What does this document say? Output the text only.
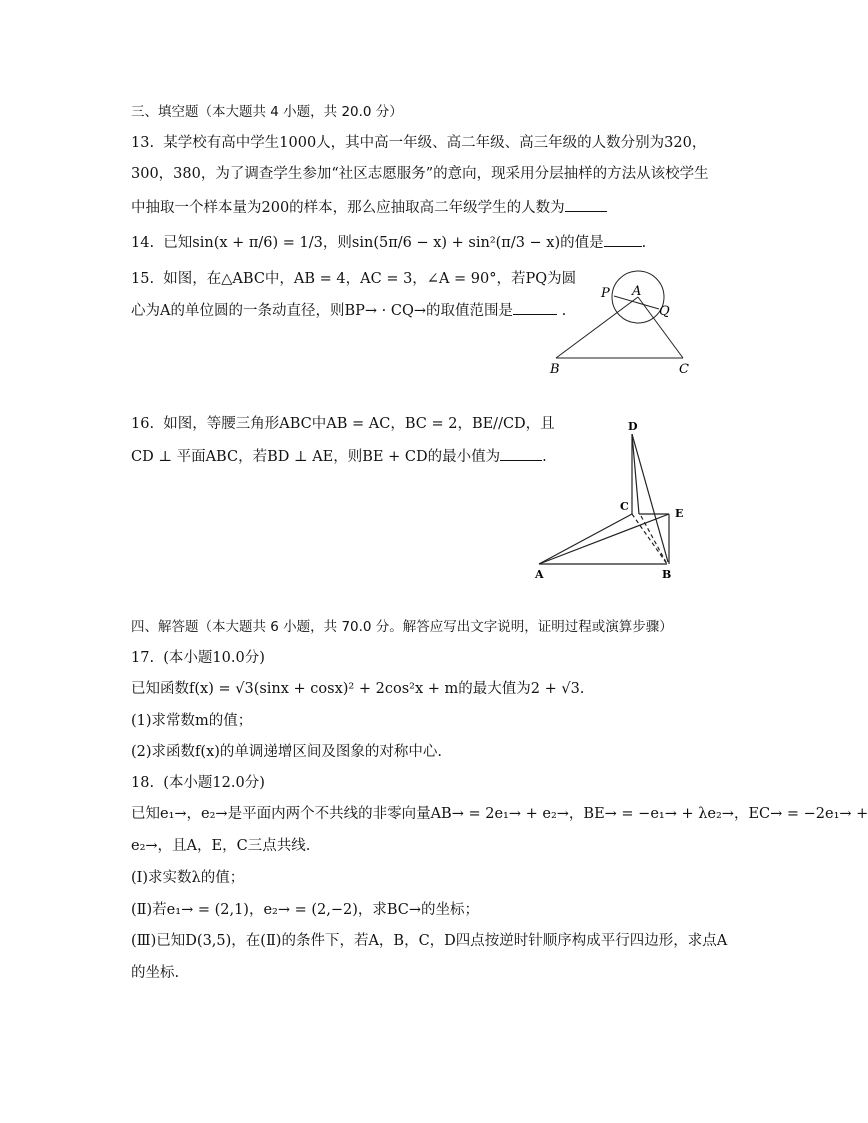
三、填空题（本大题共 4 小题，共 20.0 分）
13.  某学校有高中学生1000人，其中高一年级、高二年级、高三年级的人数分别为320，
300，380，为了调查学生参加“社区志愿服务”的意向，现采用分层抽样的方法从该校学生
中抽取一个样本量为200的样本，那么应抽取高二年级学生的人数为
14.  已知sin(x + π/6) = 1/3，则sin(5π/6 − x) + sin²(π/3 − x)的值是	.
15.  如图，在△ABC中，AB = 4，AC = 3，∠A = 90°，若PQ为圆
心为A的单位圆的一条动直径，则BP→ · CQ→的取值范围是	.
P A
Q
B	C
16.  如图，等腰三角形ABC中AB = AC，BC = 2，BE//CD，且
CD ⊥ 平面ABC，若BD ⊥ AE，则BE + CD的最小值为	.
D
C
E
A	B
四、解答题（本大题共 6 小题，共 70.0 分。解答应写出文字说明，证明过程或演算步骤）
17.  (本小题10.0分)
已知函数f(x) = √3(sinx + cosx)² + 2cos²x + m的最大值为2 + √3.
(1)求常数m的值；
(2)求函数f(x)的单调递增区间及图象的对称中心.
18.  (本小题12.0分)
已知e₁→，e₂→是平面内两个不共线的非零向量AB→ = 2e₁→ + e₂→，BE→ = −e₁→ + λe₂→，EC→ = −2e₁→ +
e₂→，且A，E，C三点共线.
(Ⅰ)求实数λ的值；
(Ⅱ)若e₁→ = (2,1)，e₂→ = (2,−2)，求BC→的坐标；
(Ⅲ)已知D(3,5)，在(Ⅱ)的条件下，若A，B，C，D四点按逆时针顺序构成平行四边形，求点A
的坐标.
